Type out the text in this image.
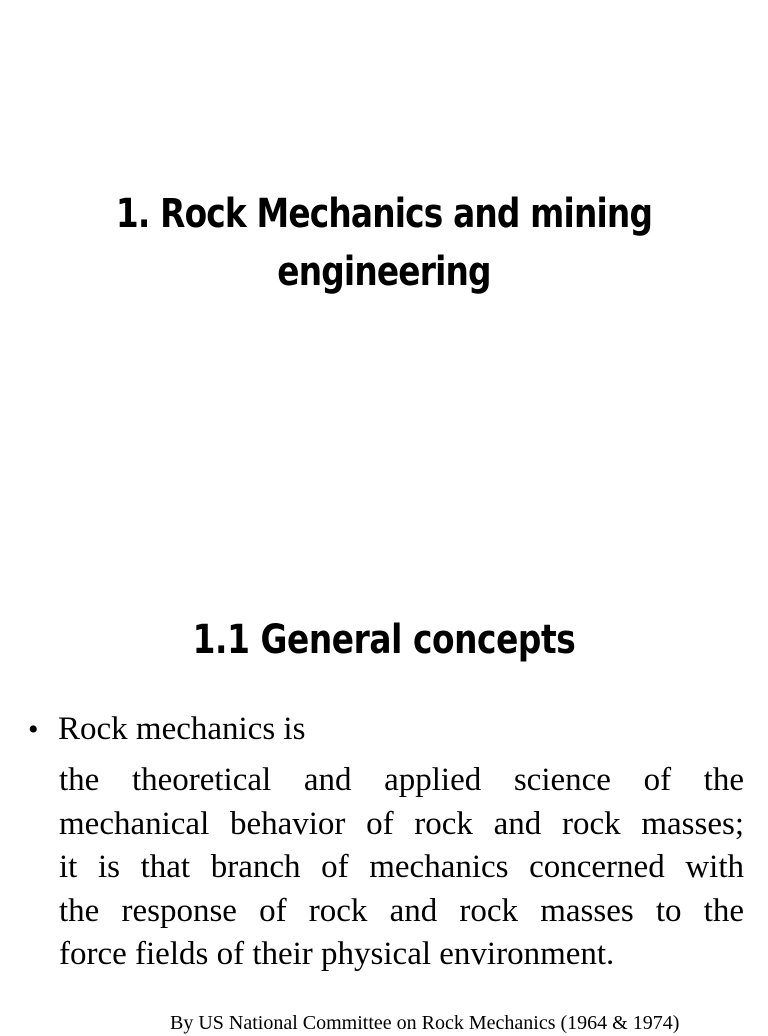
1. Rock Mechanics and mining engineering
1.1 General concepts
• Rock mechanics is

the theoretical and applied science of the
mechanical behavior of rock and rock masses;
it is that branch of mechanics concerned with
the response of rock and rock masses to the
force fields of their physical environment.

By US National Committee on Rock Mechanics (1964 & 1974)
